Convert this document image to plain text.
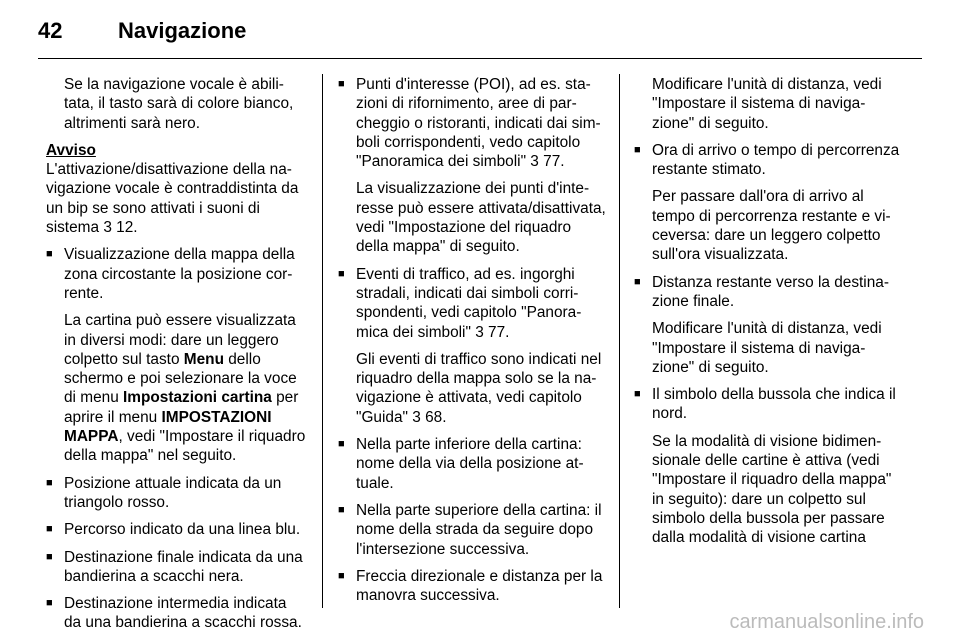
42	Navigazione

Se la navigazione vocale è abilitata, il tasto sarà di colore bianco, altrimenti sarà nero.

Avviso

L'attivazione/disattivazione della navigazione vocale è contraddistinta da un bip se sono attivati i suoni di sistema 3 12.

■ Visualizzazione della mappa della zona circostante la posizione corrente.

La cartina può essere visualizzata in diversi modi: dare un leggero colpetto sul tasto Menu dello schermo e poi selezionare la voce di menu Impostazioni cartina per aprire il menu IMPOSTAZIONI MAPPA, vedi "Impostare il riquadro della mappa" nel seguito.

■ Posizione attuale indicata da un triangolo rosso.
■ Percorso indicato da una linea blu.
■ Destinazione finale indicata da una bandierina a scacchi nera.
■ Destinazione intermedia indicata da una bandierina a scacchi rossa.
■ Punti d'interesse (POI), ad es. stazioni di rifornimento, aree di parcheggio o ristoranti, indicati dai simboli corrispondenti, vedo capitolo "Panoramica dei simboli" 3 77.

La visualizzazione dei punti d'interesse può essere attivata/disattivata, vedi "Impostazione del riquadro della mappa" di seguito.

■ Eventi di traffico, ad es. ingorghi stradali, indicati dai simboli corrispondenti, vedi capitolo "Panoramica dei simboli" 3 77.

Gli eventi di traffico sono indicati nel riquadro della mappa solo se la navigazione è attivata, vedi capitolo "Guida" 3 68.

■ Nella parte inferiore della cartina: nome della via della posizione attuale.
■ Nella parte superiore della cartina: il nome della strada da seguire dopo l'intersezione successiva.
■ Freccia direzionale e distanza per la manovra successiva.

Modificare l'unità di distanza, vedi "Impostare il sistema di navigazione" di seguito.

■ Ora di arrivo o tempo di percorrenza restante stimato.

Per passare dall'ora di arrivo al tempo di percorrenza restante e viceversa: dare un leggero colpetto sull'ora visualizzata.

■ Distanza restante verso la destinazione finale.

Modificare l'unità di distanza, vedi "Impostare il sistema di navigazione" di seguito.

■ Il simbolo della bussola che indica il nord.

Se la modalità di visione bidimensionale delle cartine è attiva (vedi "Impostare il riquadro della mappa" in seguito): dare un colpetto sul simbolo della bussola per passare dalla modalità di visione cartina

carmanualsonline.info
